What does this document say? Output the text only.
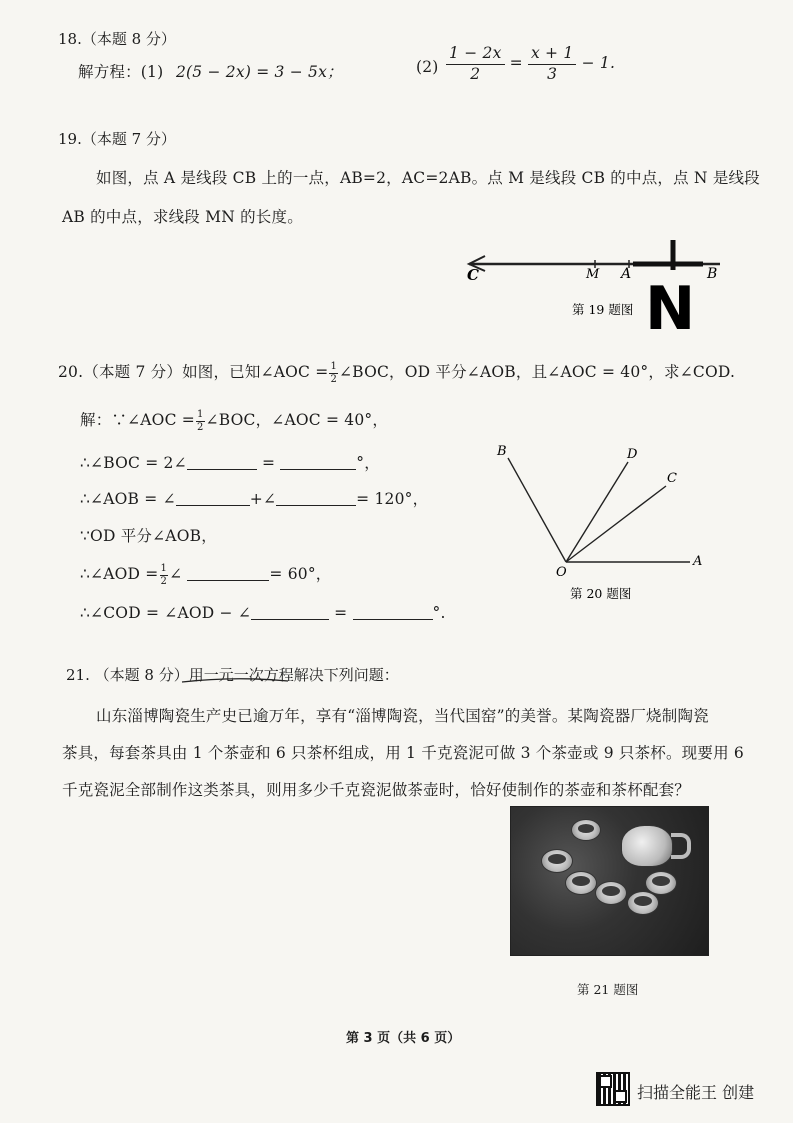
18.（本题 8 分）
解方程：(1) 2(5 − 2x) = 3 − 5x；	$(2) \frac{1 - 2x}{2} = \frac{x + 1}{3} - 1$.
19.（本题 7 分）
如图，点 A 是线段 CB 上的一点，AB=2，AC=2AB。点 M 是线段 CB 的中点，点 N 是线段
AB 的中点，求线段 MN 的长度。
C	M A	B
第 19 题图 N
20.（本题 7 分）如图，已知∠AOC = $\frac{1}{2}$ ∠BOC，OD 平分∠AOB，且∠AOC = 40°，求∠COD.
解：∵∠AOC = $\frac{1}{2}$ ∠BOC，∠AOC = 40°，
∴∠BOC = 2∠	=	°，
∴∠AOB = ∠	+∠	= 120°，
∵OD 平分∠AOB，
∴∠AOD = $\frac{1}{2}$ ∠	= 60°，
∴∠COD = ∠AOD − ∠	=	°.
B	D
C
O
A
第 20 题图
21. （本题 8 分）用一元一次方程解决下列问题：
山东淄博陶瓷生产史已逾万年，享有“淄博陶瓷，当代国窑”的美誉。某陶瓷器厂烧制陶瓷
茶具，每套茶具由 1 个茶壶和 6 只茶杯组成，用 1 千克瓷泥可做 3 个茶壶或 9 只茶杯。现要用 6
千克瓷泥全部制作这类茶具，则用多少千克瓷泥做茶壶时，恰好使制作的茶壶和茶杯配套？
第 21 题图
第 3 页（共 6 页）
扫描全能王 创建
